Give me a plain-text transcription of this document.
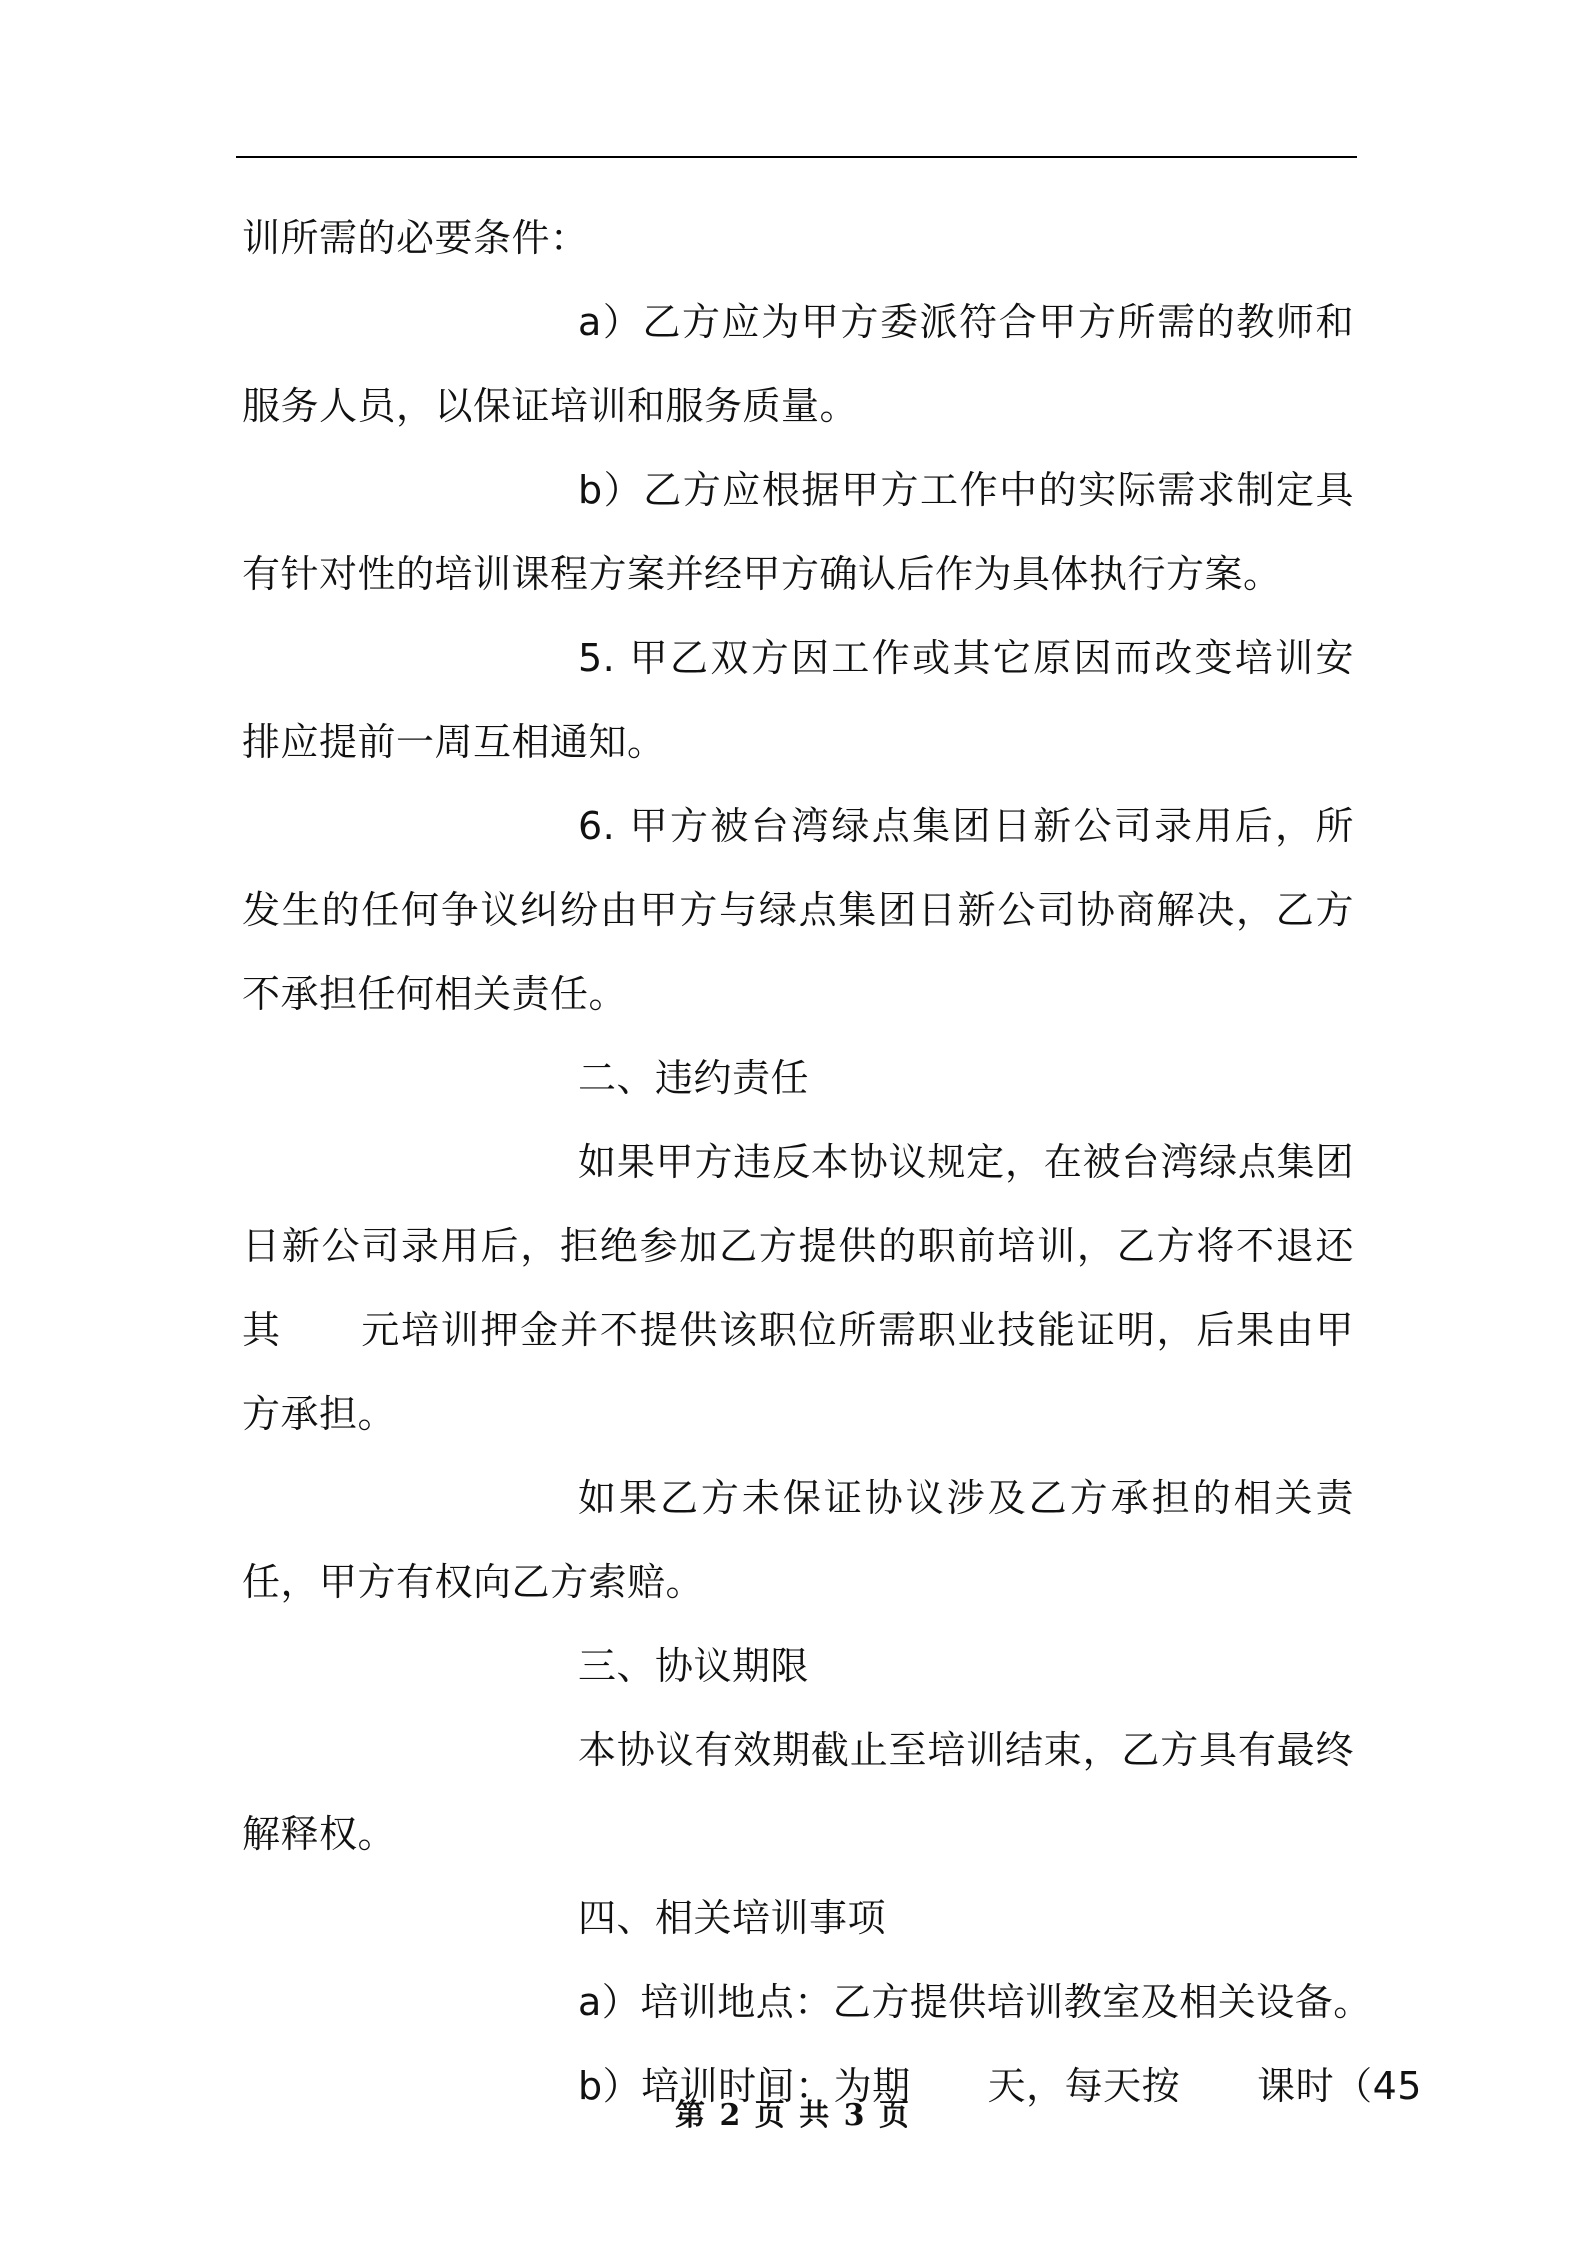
训所需的必要条件：

a）乙方应为甲方委派符合甲方所需的教师和服务人员，以保证培训和服务质量。

b）乙方应根据甲方工作中的实际需求制定具有针对性的培训课程方案并经甲方确认后作为具体执行方案。

5. 甲乙双方因工作或其它原因而改变培训安排应提前一周互相通知。

6. 甲方被台湾绿点集团日新公司录用后，所发生的任何争议纠纷由甲方与绿点集团日新公司协商解决，乙方不承担任何相关责任。

二、违约责任

如果甲方违反本协议规定，在被台湾绿点集团日新公司录用后，拒绝参加乙方提供的职前培训，乙方将不退还其　　元培训押金并不提供该职位所需职业技能证明，后果由甲方承担。

如果乙方未保证协议涉及乙方承担的相关责任，甲方有权向乙方索赔。

三、协议期限

本协议有效期截止至培训结束，乙方具有最终解释权。

四、相关培训事项

a）培训地点：乙方提供培训教室及相关设备。

b）培训时间：为期　　天，每天按　　课时（45

第 2 页 共 3 页
